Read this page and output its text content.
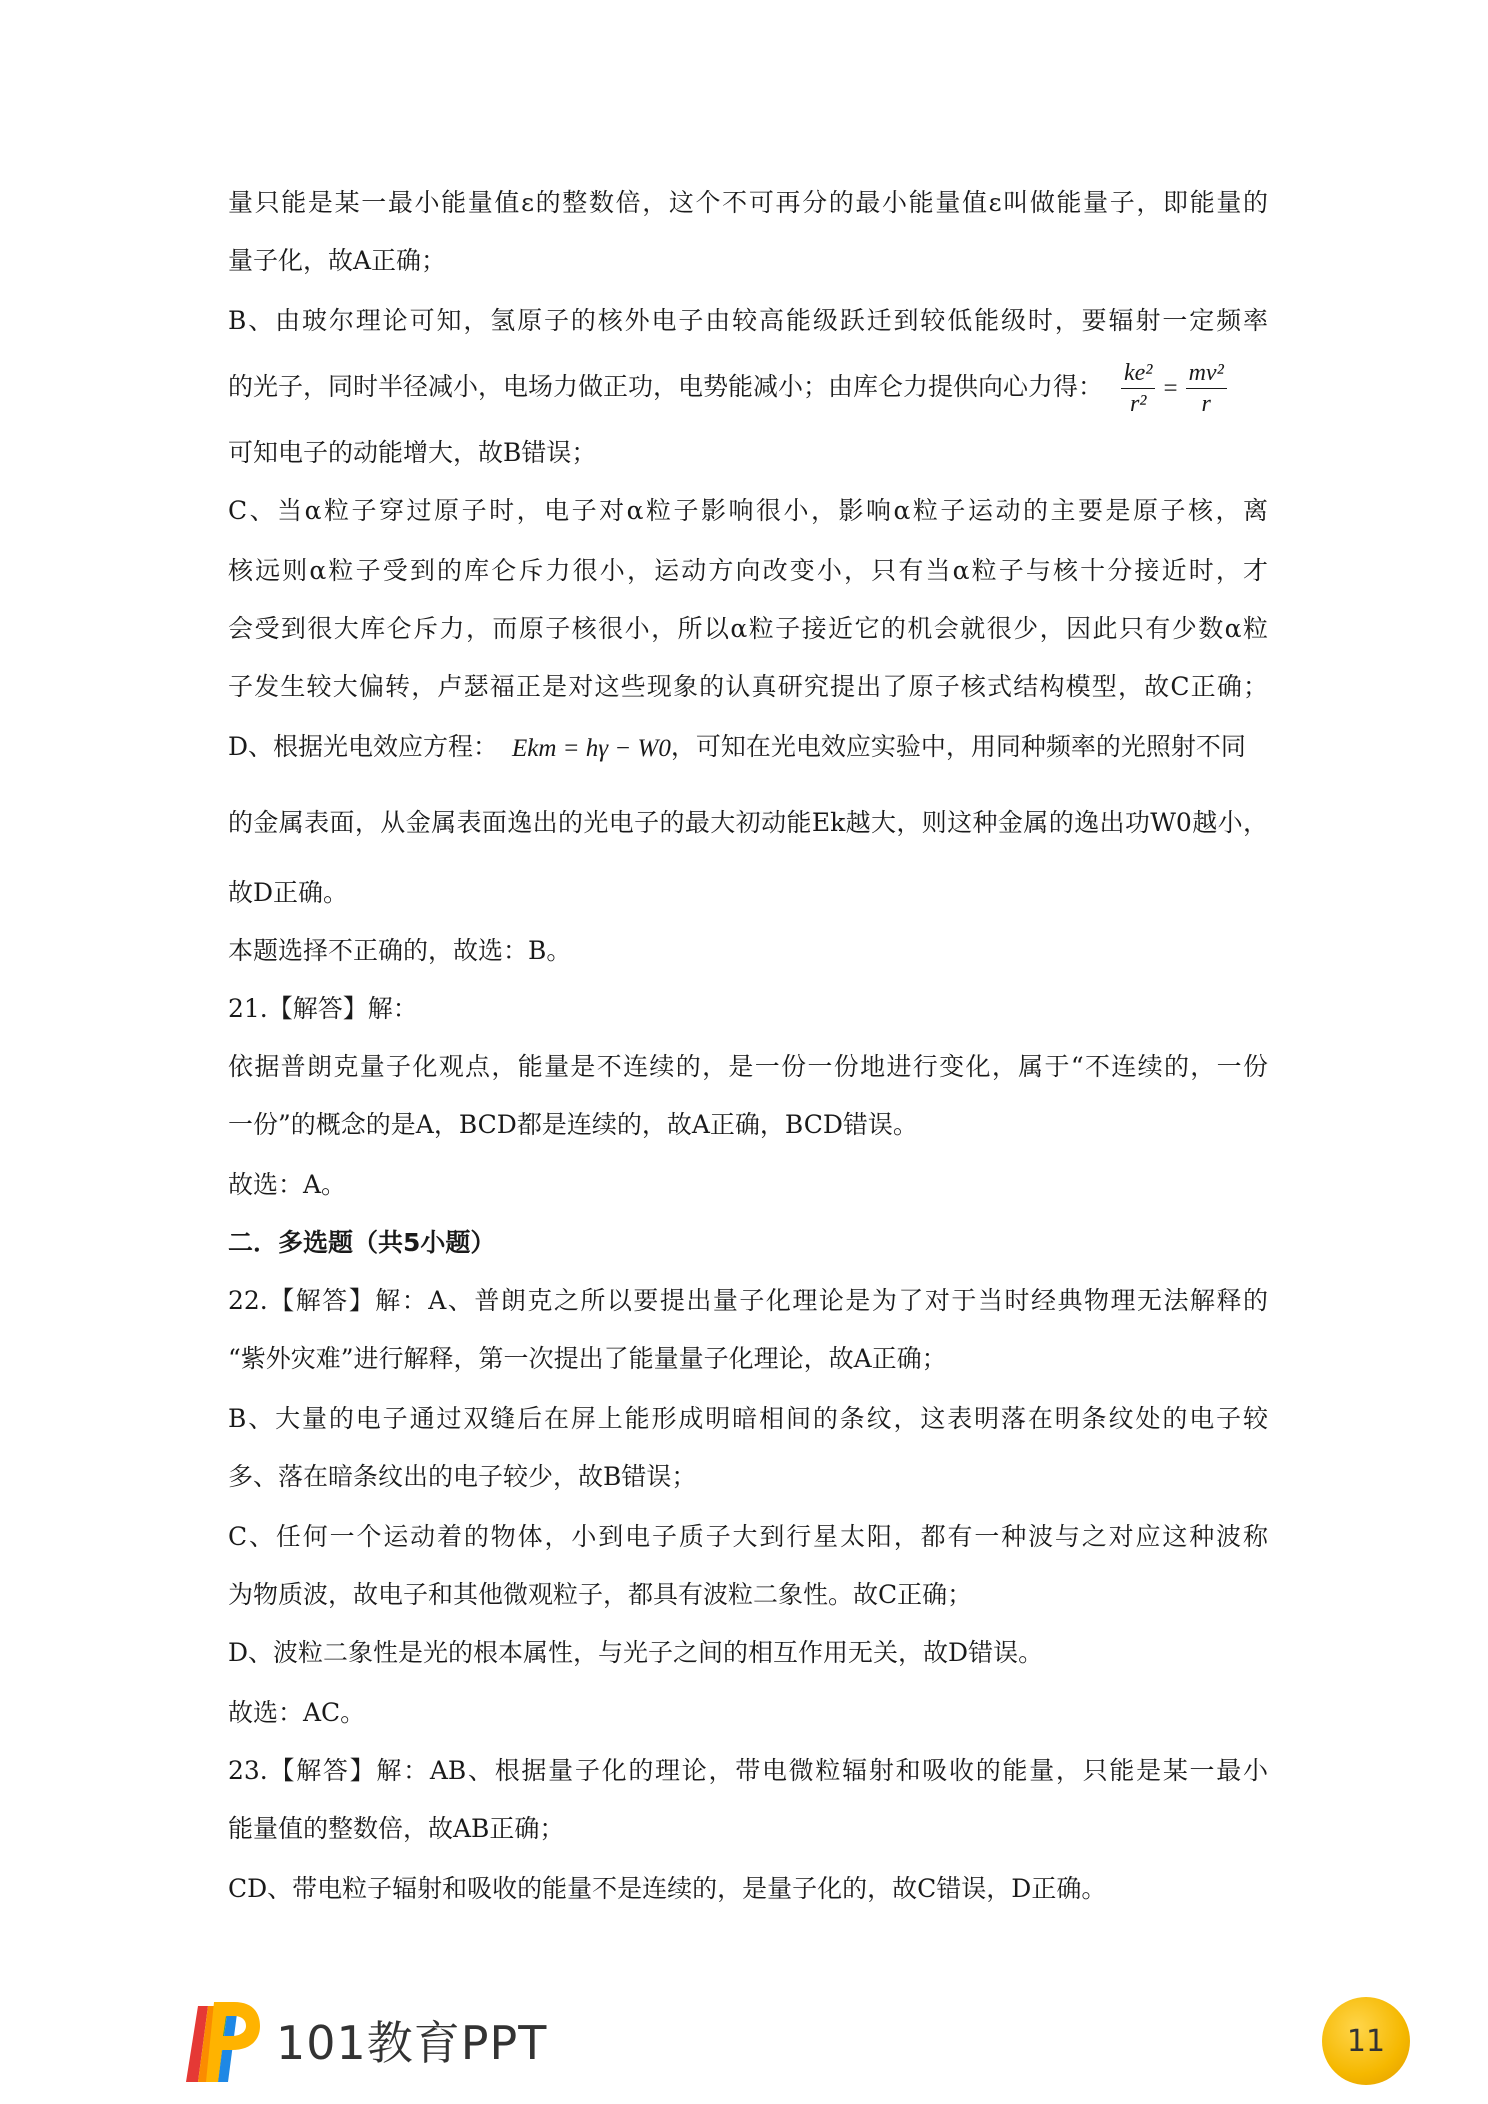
量只能是某一最小能量值ε的整数倍，这个不可再分的最小能量值ε叫做能量子，即能量的
量子化，故A正确；
B、由玻尔理论可知，氢原子的核外电子由较高能级跃迁到较低能级时，要辐射一定频率
的光子，同时半径减小，电场力做正功，电势能减小；由库仑力提供向心力得： $\frac{\text{ke²}}{\text{r²}} = \frac{\text{mv²}}{r}$
可知电子的动能增大，故B错误；
C、当α粒子穿过原子时，电子对α粒子影响很小，影响α粒子运动的主要是原子核，离
核远则α粒子受到的库仑斥力很小，运动方向改变小，只有当α粒子与核十分接近时，才
会受到很大库仑斥力，而原子核很小，所以α粒子接近它的机会就很少，因此只有少数α粒
子发生较大偏转，卢瑟福正是对这些现象的认真研究提出了原子核式结构模型，故C正确；
D、根据光电效应方程： Ekm = hγ − W0，可知在光电效应实验中，用同种频率的光照射不同
的金属表面，从金属表面逸出的光电子的最大初动能Ek越大，则这种金属的逸出功W0越小，
故D正确。
本题选择不正确的，故选：B。
21.【解答】解：
依据普朗克量子化观点，能量是不连续的，是一份一份地进行变化，属于“不连续的，一份
一份”的概念的是A，BCD都是连续的，故A正确，BCD错误。
故选：A。
二．多选题（共5小题）
22.【解答】解：A、普朗克之所以要提出量子化理论是为了对于当时经典物理无法解释的
“紫外灾难”进行解释，第一次提出了能量量子化理论，故A正确；
B、大量的电子通过双缝后在屏上能形成明暗相间的条纹，这表明落在明条纹处的电子较
多、落在暗条纹出的电子较少，故B错误；
C、任何一个运动着的物体，小到电子质子大到行星太阳，都有一种波与之对应这种波称
为物质波，故电子和其他微观粒子，都具有波粒二象性。故C正确；
D、波粒二象性是光的根本属性，与光子之间的相互作用无关，故D错误。
故选：AC。
23.【解答】解：AB、根据量子化的理论，带电微粒辐射和吸收的能量，只能是某一最小
能量值的整数倍，故AB正确；
CD、带电粒子辐射和吸收的能量不是连续的，是量子化的，故C错误，D正确。
101教育PPT	11
